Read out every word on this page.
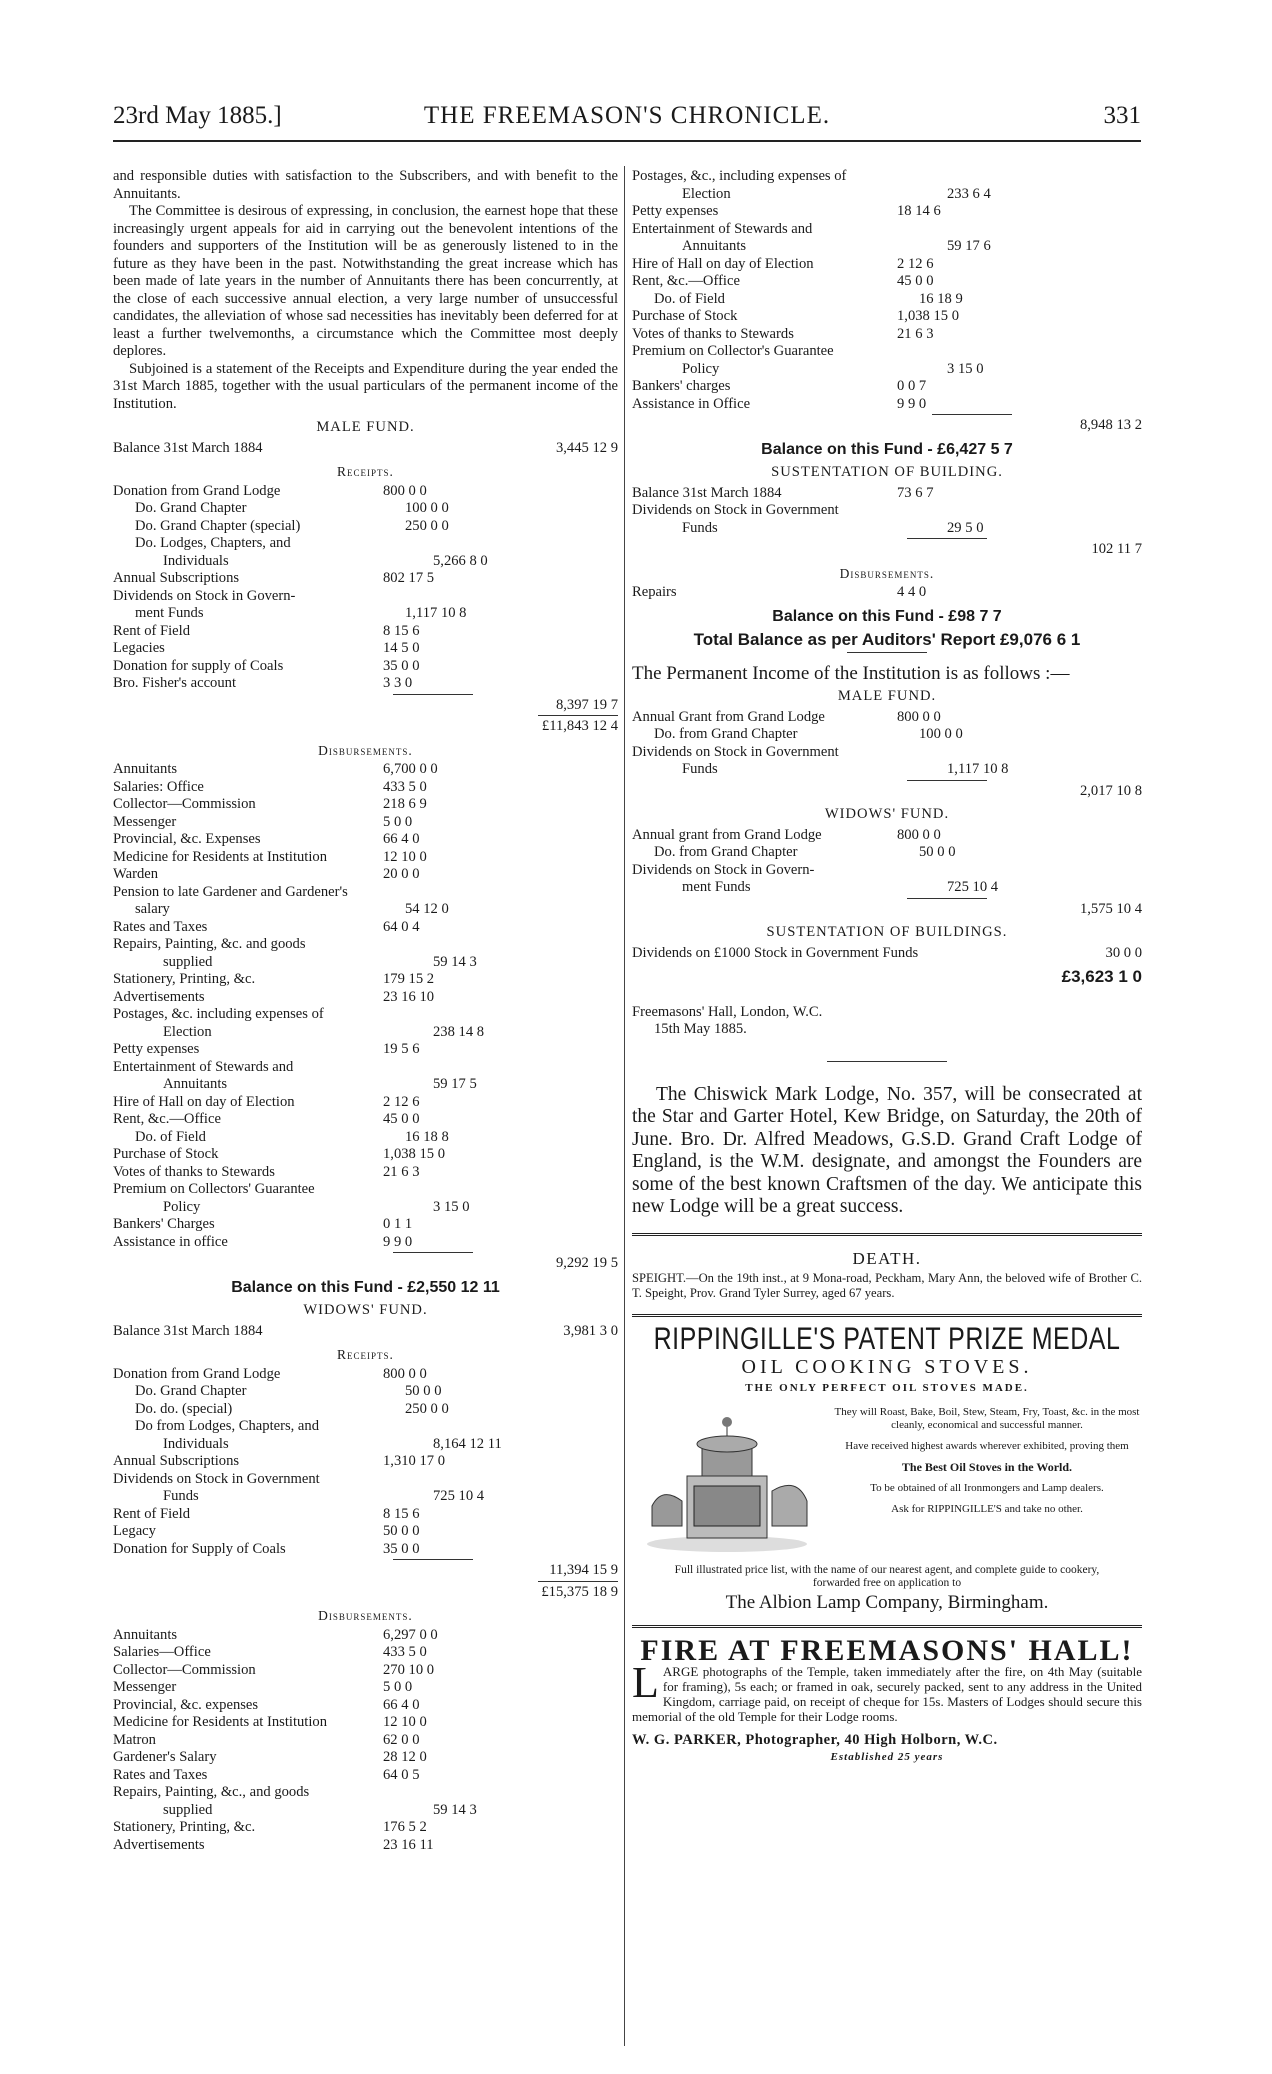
23rd May 1885.]	THE FREEMASON'S CHRONICLE.	331

and responsible duties with satisfaction to the Subscribers, and with benefit to the Annuitants.

The Committee is desirous of expressing, in conclusion, the earnest hope that these increasingly urgent appeals for aid in carrying out the benevolent intentions of the founders and supporters of the Institution will be as generously listened to in the future as they have been in the past. Notwithstanding the great increase which has been made of late years in the number of Annuitants there has been concurrently, at the close of each successive annual election, a very large number of unsuccessful candidates, the alleviation of whose sad necessities has inevitably been deferred for at least a further twelvemonths, a circumstance which the Committee most deeply deplores.

Subjoined is a statement of the Receipts and Expenditure during the year ended the 31st March 1885, together with the usual particulars of the permanent income of the Institution.

MALE FUND.
Balance 31st March 1884	3,445 12 9
Receipts.
Donation from Grand Lodge	800 0 0
Do. Grand Chapter	100 0 0
Do. Grand Chapter (special)	250 0 0
Do. Lodges, Chapters, and
Individuals	5,266 8 0
Annual Subscriptions	802 17 5
Dividends on Stock in Govern-
ment Funds	1,117 10 8
Rent of Field	8 15 6
Legacies	14 5 0
Donation for supply of Coals	35 0 0
Bro. Fisher's account	3 3 0
8,397 19 7
£11,843 12 4
Disbursements.
Annuitants	6,700 0 0
Salaries: Office	433 5 0
Collector—Commission	218 6 9
Messenger	5 0 0
Provincial, &c. Expenses	66 4 0
Medicine for Residents at Institution	12 10 0
Warden	20 0 0
Pension to late Gardener and Gardener's
salary	54 12 0
Rates and Taxes	64 0 4
Repairs, Painting, &c. and goods
supplied	59 14 3
Stationery, Printing, &c.	179 15 2
Advertisements	23 16 10
Postages, &c. including expenses of
Election	238 14 8
Petty expenses	19 5 6
Entertainment of Stewards and
Annuitants	59 17 5
Hire of Hall on day of Election	2 12 6
Rent, &c.—Office	45 0 0
Do. of Field	16 18 8
Purchase of Stock	1,038 15 0
Votes of thanks to Stewards	21 6 3
Premium on Collectors' Guarantee
Policy	3 15 0
Bankers' Charges	0 1 1
Assistance in office	9 9 0
9,292 19 5
Balance on this Fund - £2,550 12 11
WIDOWS' FUND.
Balance 31st March 1884	3,981 3 0
Receipts.
Donation from Grand Lodge	800 0 0
Do. Grand Chapter	50 0 0
Do. do. (special)	250 0 0
Do from Lodges, Chapters, and
Individuals	8,164 12 11
Annual Subscriptions	1,310 17 0
Dividends on Stock in Government
Funds	725 10 4
Rent of Field	8 15 6
Legacy	50 0 0
Donation for Supply of Coals	35 0 0
11,394 15 9
£15,375 18 9
Disbursements.
Annuitants	6,297 0 0
Salaries—Office	433 5 0
Collector—Commission	270 10 0
Messenger	5 0 0
Provincial, &c. expenses	66 4 0
Medicine for Residents at Institution	12 10 0
Matron	62 0 0
Gardener's Salary	28 12 0
Rates and Taxes	64 0 5
Repairs, Painting, &c., and goods
supplied	59 14 3
Stationery, Printing, &c.	176 5 2
Advertisements	23 16 11
Postages, &c., including expenses of
Election	233 6 4
Petty expenses	18 14 6
Entertainment of Stewards and
Annuitants	59 17 6
Hire of Hall on day of Election	2 12 6
Rent, &c.—Office	45 0 0
Do. of Field	16 18 9
Purchase of Stock	1,038 15 0
Votes of thanks to Stewards	21 6 3
Premium on Collector's Guarantee
Policy	3 15 0
Bankers' charges	0 0 7
Assistance in Office	9 9 0
8,948 13 2
Balance on this Fund - £6,427 5 7
SUSTENTATION OF BUILDING.
Balance 31st March 1884	73 6 7
Dividends on Stock in Government
Funds	29 5 0
102 11 7
Disbursements.
Repairs	4 4 0
Balance on this Fund - £98 7 7
Total Balance as per Auditors' Report £9,076 6 1
The Permanent Income of the Institution is as follows :—
MALE FUND.
Annual Grant from Grand Lodge	800 0 0
Do. from Grand Chapter	100 0 0
Dividends on Stock in Government
Funds	1,117 10 8
2,017 10 8
WIDOWS' FUND.
Annual grant from Grand Lodge	800 0 0
Do. from Grand Chapter	50 0 0
Dividends on Stock in Govern-
ment Funds	725 10 4
1,575 10 4
SUSTENTATION OF BUILDINGS.
Dividends on £1000 Stock in Government Funds	30 0 0
£3,623 1 0
Freemasons' Hall, London, W.C.
15th May 1885.

The Chiswick Mark Lodge, No. 357, will be consecrated at the Star and Garter Hotel, Kew Bridge, on Saturday, the 20th of June. Bro. Dr. Alfred Meadows, G.S.D. Grand Craft Lodge of England, is the W.M. designate, and amongst the Founders are some of the best known Craftsmen of the day. We anticipate this new Lodge will be a great success.

DEATH.

SPEIGHT.—On the 19th inst., at 9 Mona-road, Peckham, Mary Ann, the beloved wife of Brother C. T. Speight, Prov. Grand Tyler Surrey, aged 67 years.

RIPPINGILLE'S PATENT PRIZE MEDAL
OIL COOKING STOVES.
THE ONLY PERFECT OIL STOVES MADE.

They will Roast, Bake, Boil, Stew, Steam, Fry, Toast, &c. in the most cleanly, economical and successful manner.

Have received highest awards wherever exhibited, proving them

The Best Oil Stoves in the World.

To be obtained of all Ironmongers and Lamp dealers.

Ask for RIPPINGILLE'S and take no other.

Full illustrated price list, with the name of our nearest agent, and complete guide to cookery, forwarded free on application to
The Albion Lamp Company, Birmingham.
FIRE AT FREEMASONS' HALL!

LARGE photographs of the Temple, taken immediately after the fire, on 4th May (suitable for framing), 5s each; or framed in oak, securely packed, sent to any address in the United Kingdom, carriage paid, on receipt of cheque for 15s. Masters of Lodges should secure this memorial of the old Temple for their Lodge rooms.

W. G. PARKER, Photographer, 40 High Holborn, W.C.
Established 25 years
